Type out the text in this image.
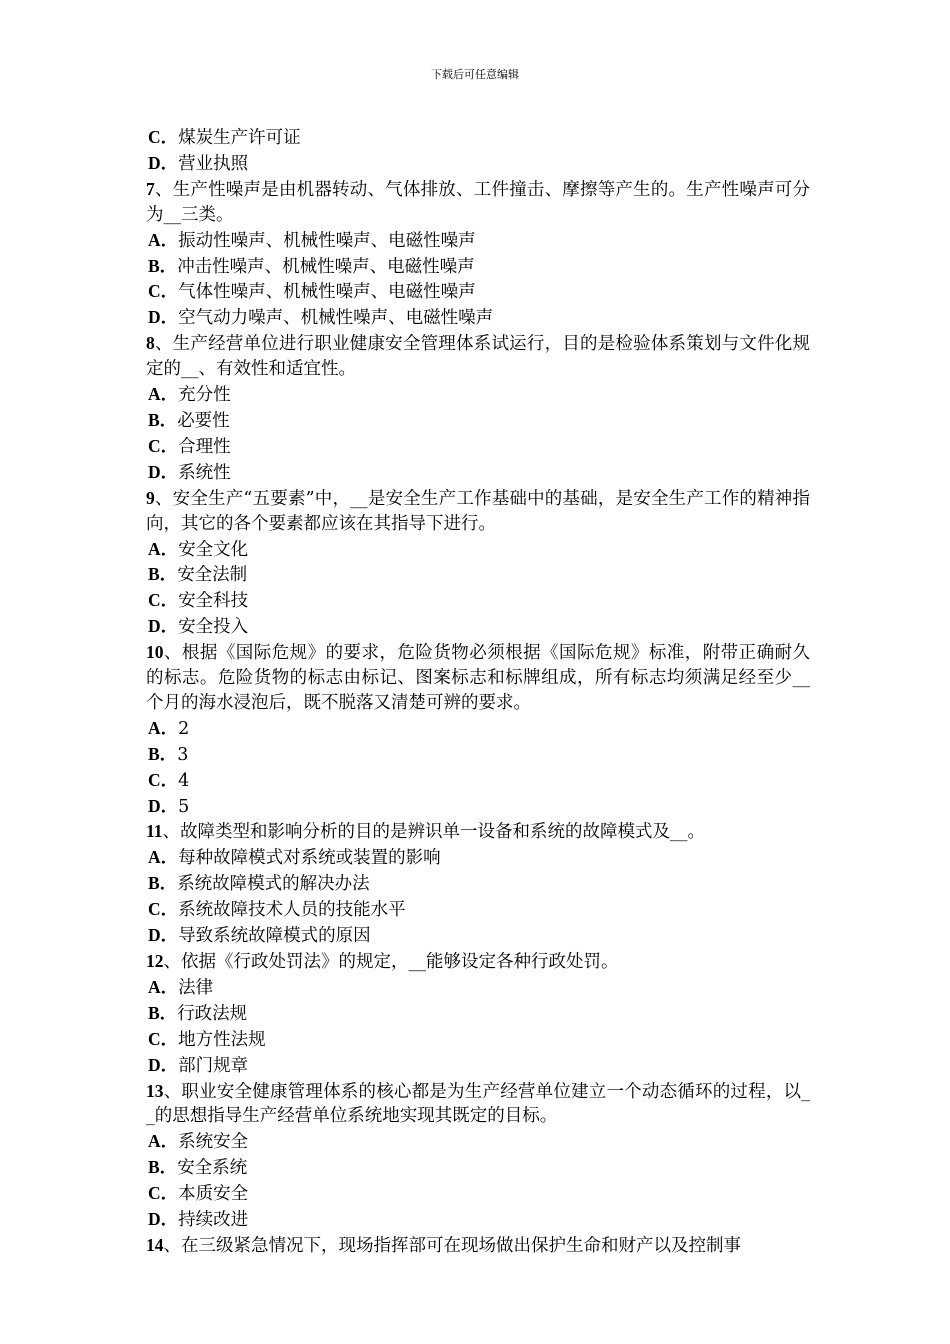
下载后可任意编辑

C．煤炭生产许可证

D．营业执照

7、生产性噪声是由机器转动、气体排放、工件撞击、摩擦等产生的。生产性噪声可分为__三类。

A．振动性噪声、机械性噪声、电磁性噪声

B．冲击性噪声、机械性噪声、电磁性噪声

C．气体性噪声、机械性噪声、电磁性噪声

D．空气动力噪声、机械性噪声、电磁性噪声

8、生产经营单位进行职业健康安全管理体系试运行，目的是检验体系策划与文件化规定的__、有效性和适宜性。

A．充分性

B．必要性

C．合理性

D．系统性

9、安全生产“五要素”中，__是安全生产工作基础中的基础，是安全生产工作的精神指向，其它的各个要素都应该在其指导下进行。

A．安全文化

B．安全法制

C．安全科技

D．安全投入

10、根据《国际危规》的要求，危险货物必须根据《国际危规》标准，附带正确耐久的标志。危险货物的标志由标记、图案标志和标牌组成，所有标志均须满足经至少__个月的海水浸泡后，既不脱落又清楚可辨的要求。

A．2

B．3

C．4

D．5

11、故障类型和影响分析的目的是辨识单一设备和系统的故障模式及__。

A．每种故障模式对系统或装置的影响

B．系统故障模式的解决办法

C．系统故障技术人员的技能水平

D．导致系统故障模式的原因

12、依据《行政处罚法》的规定，__能够设定各种行政处罚。

A．法律

B．行政法规

C．地方性法规

D．部门规章

13、职业安全健康管理体系的核心都是为生产经营单位建立一个动态循环的过程，以__的思想指导生产经营单位系统地实现其既定的目标。

A．系统安全

B．安全系统

C．本质安全

D．持续改进

14、在三级紧急情况下，现场指挥部可在现场做出保护生命和财产以及控制事
